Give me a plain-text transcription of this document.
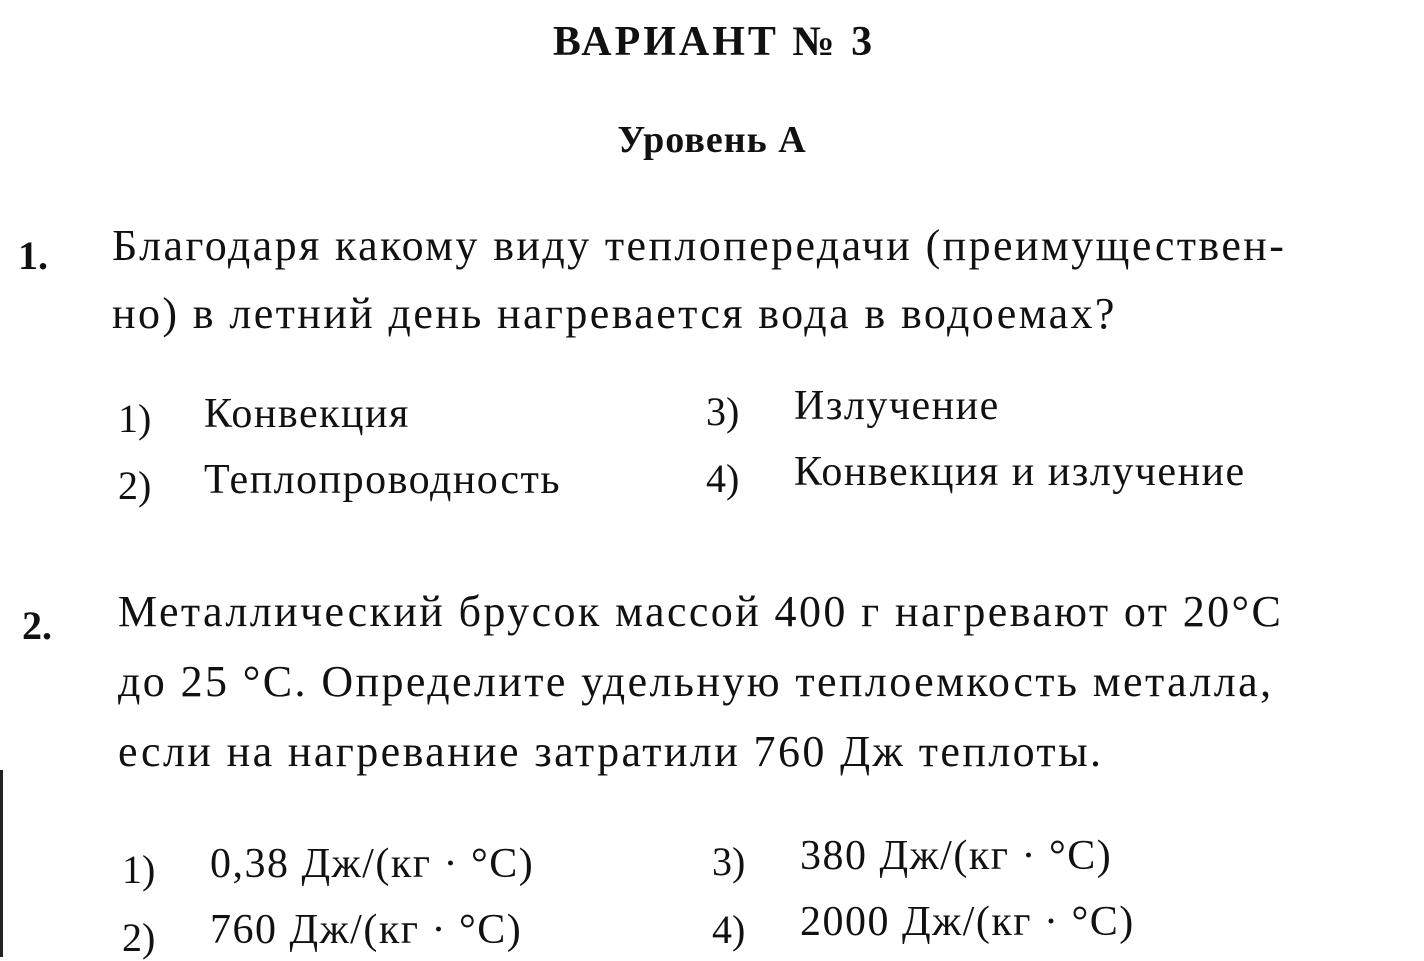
ВАРИАНТ № 3
Уровень А
1. Благодаря какому виду теплопередачи (преимуществен-
но) в летний день нагревается вода в водоемах?
1) Конвекция
2) Теплопроводность
3) Излучение
4) Конвекция и излучение
2. Металлический брусок массой 400 г нагревают от 20°С
до 25 °С. Определите удельную теплоемкость металла,
если на нагревание затратили 760 Дж теплоты.
1) 0,38 Дж/(кг · °С)
2) 760 Дж/(кг · °С)
3) 380 Дж/(кг · °С)
4) 2000 Дж/(кг · °С)
